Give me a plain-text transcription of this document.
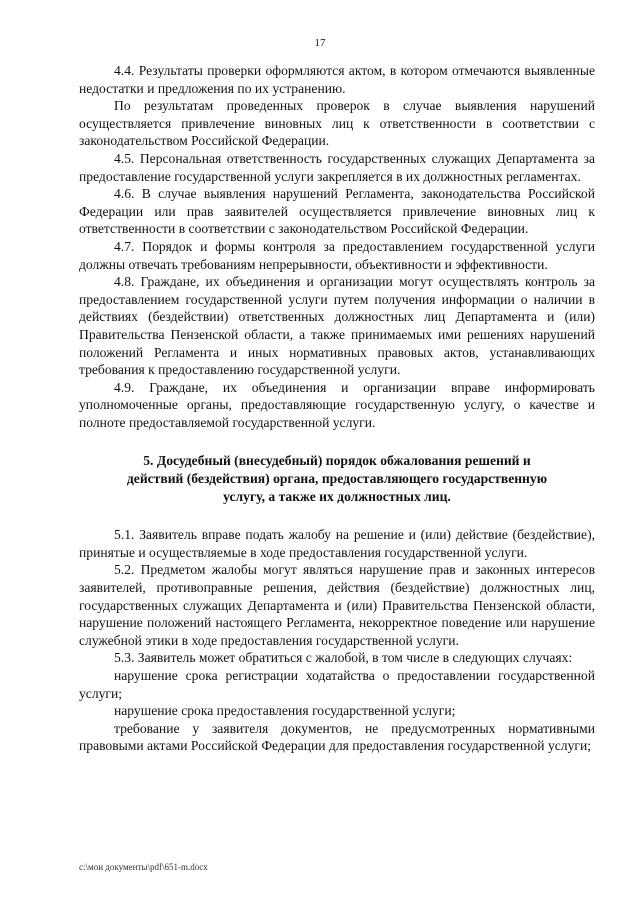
17

4.4. Результаты проверки оформляются актом, в котором отмечаются выявленные недостатки и предложения по их устранению.

По результатам проведенных проверок в случае выявления нарушений осуществляется привлечение виновных лиц к ответственности в соответствии с законодательством Российской Федерации.

4.5. Персональная ответственность государственных служащих Департамента за предоставление государственной услуги закрепляется в их должностных регламентах.

4.6. В случае выявления нарушений Регламента, законодательства Российской Федерации или прав заявителей осуществляется привлечение виновных лиц к ответственности в соответствии с законодательством Российской Федерации.

4.7. Порядок и формы контроля за предоставлением государственной услуги должны отвечать требованиям непрерывности, объективности и эффективности.

4.8. Граждане, их объединения и организации могут осуществлять контроль за предоставлением государственной услуги путем получения информации о наличии в действиях (бездействии) ответственных должностных лиц Департамента и (или) Правительства Пензенской области, а также принимаемых ими решениях нарушений положений Регламента и иных нормативных правовых актов, устанавливающих требования к предоставлению государственной услуги.

4.9. Граждане, их объединения и организации вправе информировать уполномоченные органы, предоставляющие государственную услугу, о качестве и полноте предоставляемой государственной услуги.

5. Досудебный (внесудебный) порядок обжалования решений и

действий (бездействия) органа, предоставляющего государственную

услугу, а также их должностных лиц.

5.1. Заявитель вправе подать жалобу на решение и (или) действие (бездействие), принятые и осуществляемые в ходе предоставления государственной услуги.

5.2. Предметом жалобы могут являться нарушение прав и законных интересов заявителей, противоправные решения, действия (бездействие) должностных лиц, государственных служащих Департамента и (или) Правительства Пензенской области, нарушение положений настоящего Регламента, некорректное поведение или нарушение служебной этики в ходе предоставления государственной услуги.

5.3. Заявитель может обратиться с жалобой, в том числе в следующих случаях:

нарушение срока регистрации ходатайства о предоставлении государственной услуги;

нарушение срока предоставления государственной услуги;

требование у заявителя документов, не предусмотренных нормативными правовыми актами Российской Федерации для предоставления государственной услуги;

c:\мои документы\pdf\651-m.docx
